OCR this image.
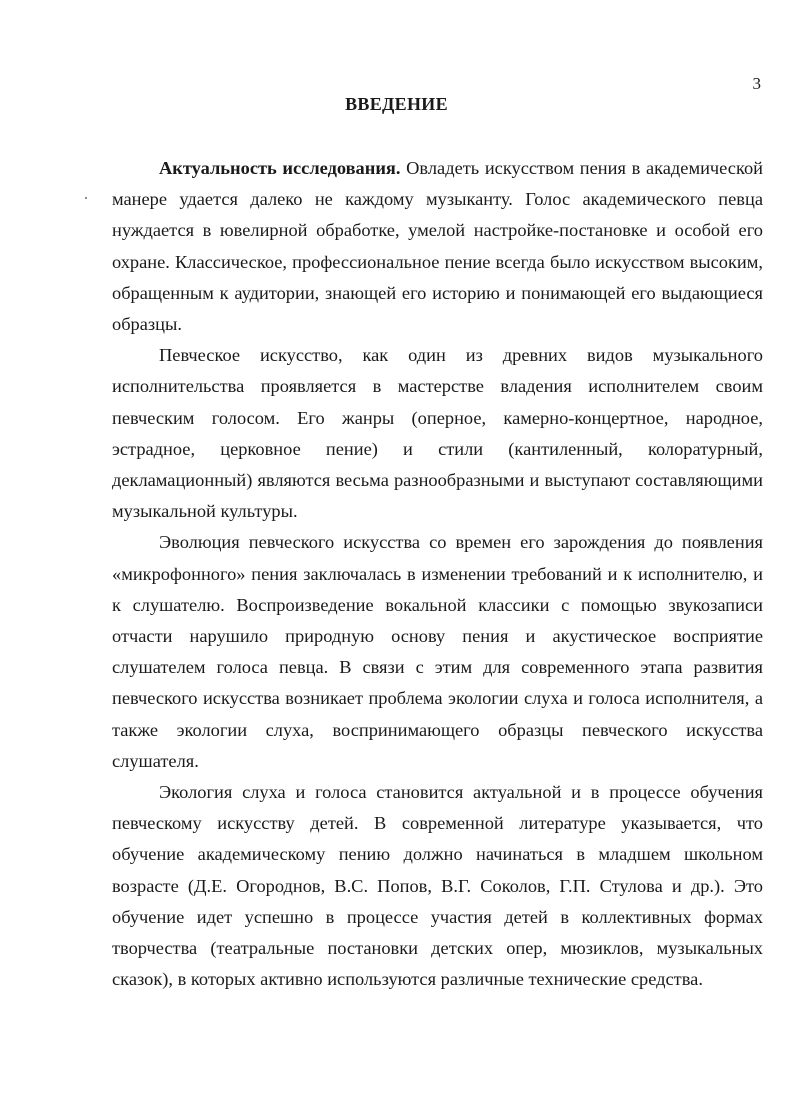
3
ВВЕДЕНИЕ

Актуальность исследования. Овладеть искусством пения в академической манере удается далеко не каждому музыканту. Голос академического певца нуждается в ювелирной обработке, умелой настройке-постановке и особой его охране. Классическое, профессиональное пение всегда было искусством высоким, обращенным к аудитории, знающей его историю и понимающей его выдающиеся образцы.

Певческое искусство, как один из древних видов музыкального исполнительства проявляется в мастерстве владения исполнителем своим певческим голосом. Его жанры (оперное, камерно-концертное, народное, эстрадное, церковное пение) и стили (кантиленный, колоратурный, декламационный) являются весьма разнообразными и выступают составляющими музыкальной культуры.

Эволюция певческого искусства со времен его зарождения до появления «микрофонного» пения заключалась в изменении требований и к исполнителю, и к слушателю. Воспроизведение вокальной классики с помощью звукозаписи отчасти нарушило природную основу пения и акустическое восприятие слушателем голоса певца. В связи с этим для современного этапа развития певческого искусства возникает проблема экологии слуха и голоса исполнителя, а также экологии слуха, воспринимающего образцы певческого искусства слушателя.

Экология слуха и голоса становится актуальной и в процессе обучения певческому искусству детей. В современной литературе указывается, что обучение академическому пению должно начинаться в младшем школьном возрасте (Д.Е. Огороднов, В.С. Попов, В.Г. Соколов, Г.П. Стулова и др.). Это обучение идет успешно в процессе участия детей в коллективных формах творчества (театральные постановки детских опер, мюзиклов, музыкальных сказок), в которых активно используются различные технические средства.
